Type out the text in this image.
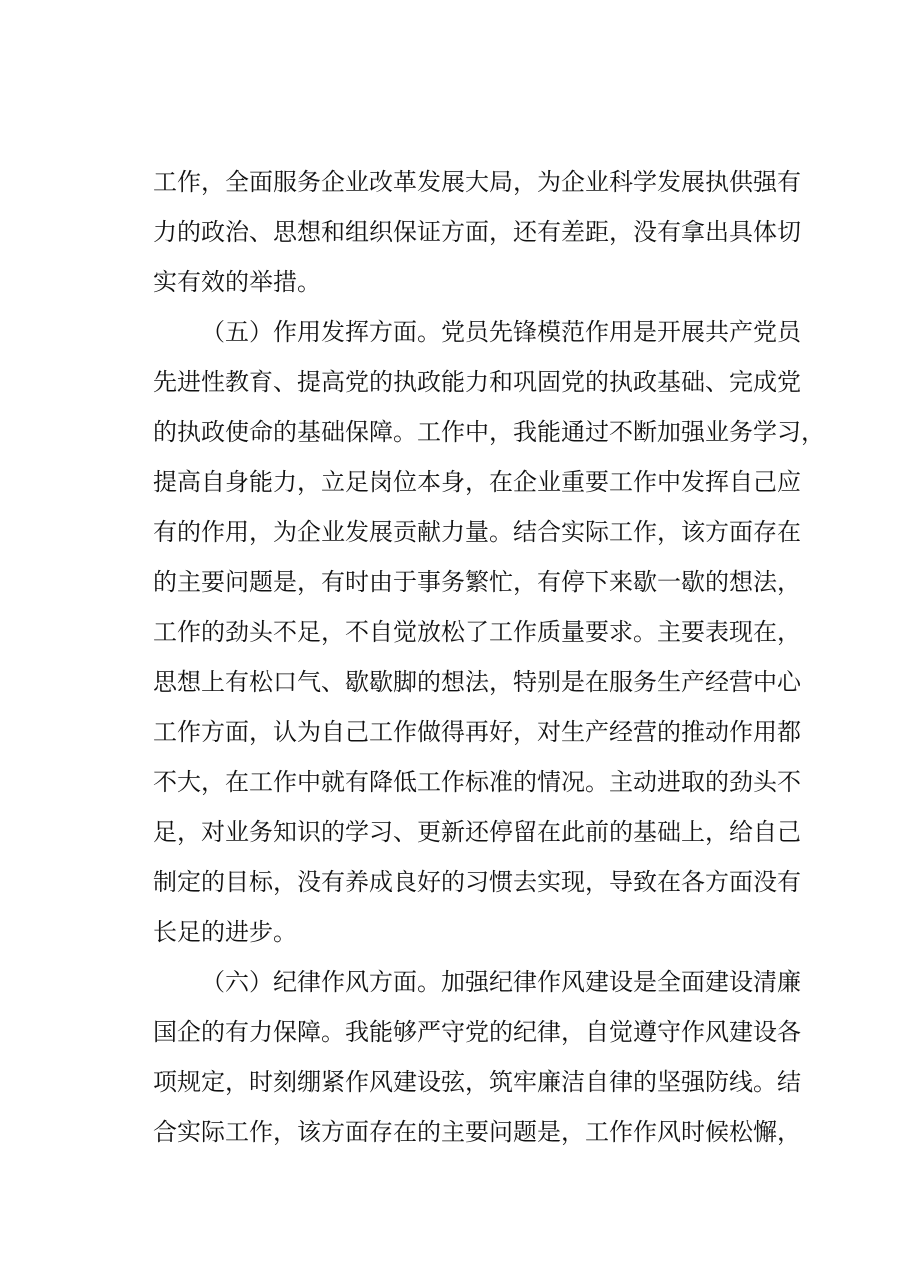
工作，全面服务企业改革发展大局，为企业科学发展执供强有
力的政治、思想和组织保证方面，还有差距，没有拿出具体切
实有效的举措。
（五）作用发挥方面。党员先锋模范作用是开展共产党员
先进性教育、提高党的执政能力和巩固党的执政基础、完成党
的执政使命的基础保障。工作中，我能通过不断加强业务学习，
提高自身能力，立足岗位本身，在企业重要工作中发挥自己应
有的作用，为企业发展贡献力量。结合实际工作，该方面存在
的主要问题是，有时由于事务繁忙，有停下来歇一歇的想法，
工作的劲头不足，不自觉放松了工作质量要求。主要表现在，
思想上有松口气、歇歇脚的想法，特别是在服务生产经营中心
工作方面，认为自己工作做得再好，对生产经营的推动作用都
不大，在工作中就有降低工作标准的情况。主动进取的劲头不
足，对业务知识的学习、更新还停留在此前的基础上，给自己
制定的目标，没有养成良好的习惯去实现，导致在各方面没有
长足的进步。
（六）纪律作风方面。加强纪律作风建设是全面建设清廉
国企的有力保障。我能够严守党的纪律，自觉遵守作风建设各
项规定，时刻绷紧作风建设弦，筑牢廉洁自律的坚强防线。结
合实际工作，该方面存在的主要问题是，工作作风时候松懈，
